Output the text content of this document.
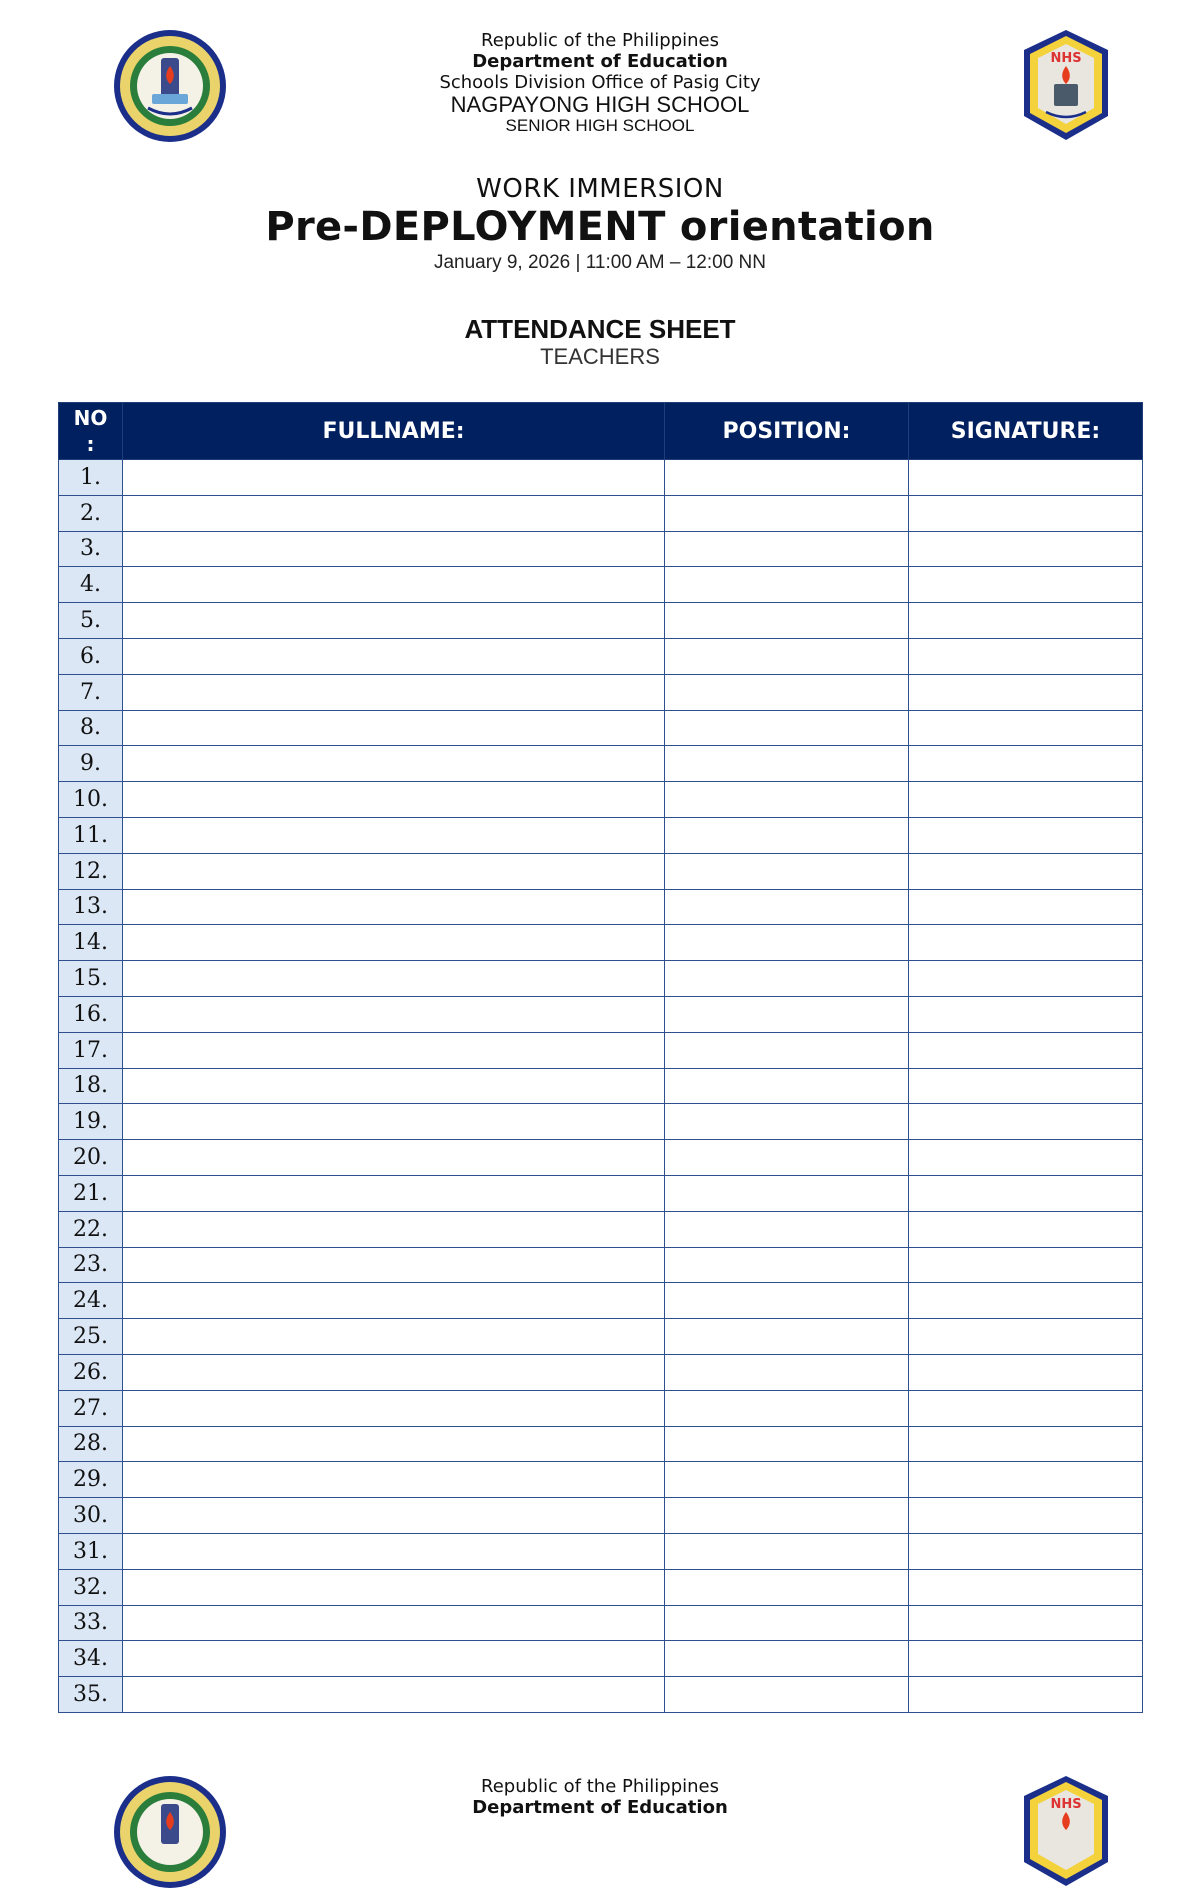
NHS
Republic of the Philippines
Department of Education
Schools Division Office of Pasig City
NAGPAYONG HIGH SCHOOL
SENIOR HIGH SCHOOL
WORK IMMERSION
Pre-DEPLOYMENT orientation
January 9, 2026 | 11:00 AM – 12:00 NN
ATTENDANCE SHEET
TEACHERS
NO
:	FULLNAME:	POSITION:	SIGNATURE:
1.			
2.			
3.			
4.			
5.			
6.			
7.			
8.			
9.			
10.			
11.			
12.			
13.			
14.			
15.			
16.			
17.			
18.			
19.			
20.			
21.			
22.			
23.			
24.			
25.			
26.			
27.			
28.			
29.			
30.			
31.			
32.			
33.			
34.			
35.			
NHS
Republic of the Philippines
Department of Education
